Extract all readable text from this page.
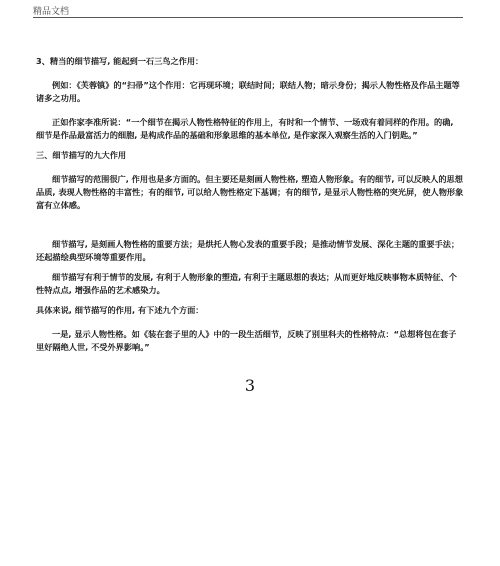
精品文档

3、精当的细节描写, 能起到一石三鸟之作用：

例如：《芙蓉镇》的“扫帚”这个作用：它再现环境；联结时间；联结人物；暗示身份；揭示人物性格及作品主题等诸多之功用。

正如作家李准所说：“一个细节在揭示人物性格特征的作用上，有时和一个情节、一场戏有着同样的作用。的确, 细节是作品最富活力的细胞, 是构成作品的基础和形象思维的基本单位, 是作家深入观察生活的入门钥匙。”

三、细节描写的九大作用

细节描写的范围很广, 作用也是多方面的。但主要还是刻画人物性格, 塑造人物形象。有的细节, 可以反映人的思想品质, 表现人物性格的丰富性；有的细节, 可以给人物性格定下基调；有的细节, 是显示人物性格的突光屏，使人物形象富有立体感。

细节描写, 是刻画人物性格的重要方法；是烘托人物心发表的重要手段；是推动情节发展、深化主题的重要手法；还起描绘典型环境等重要作用。

细节描写有利于情节的发展, 有利于人物形象的塑造, 有利于主题思想的表达；从而更好地反映事物本质特征、个性特点点, 增强作品的艺术感染力。

具体来说, 细节描写的作用, 有下述九个方面：

一是, 显示人物性格。如《装在套子里的人》中的一段生活细节，反映了别里科夫的性格特点：“总想将包在套子里好隔绝人世, 不受外界影响。”

3
